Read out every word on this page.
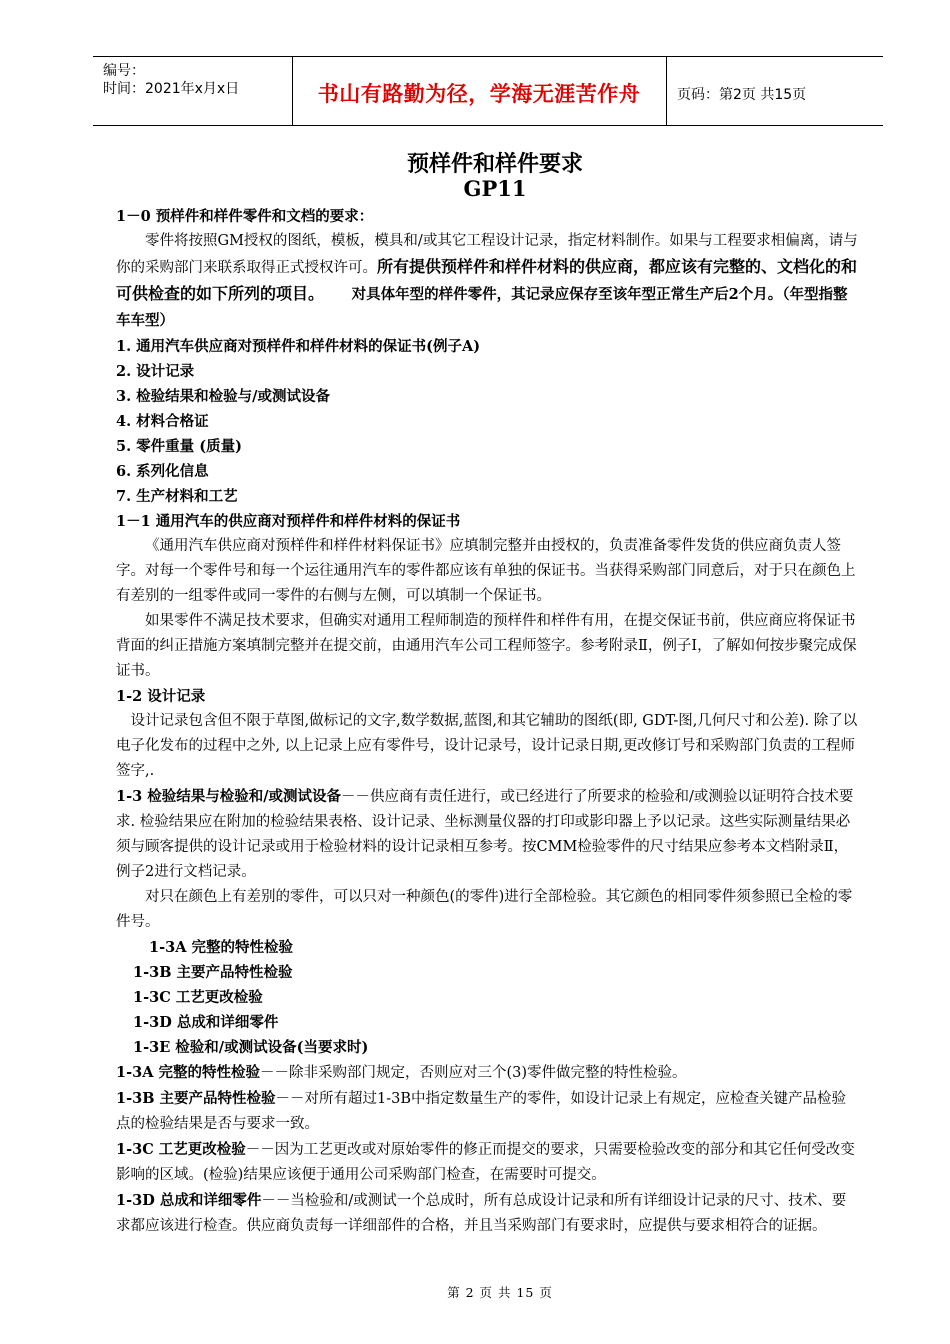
编号：
时间：2021年x月x日	书山有路勤为径，学海无涯苦作舟	页码：第2页 共15页
预样件和样件要求
GP11

1－0 预样件和样件零件和文档的要求：

零件将按照GM授权的图纸，模板，模具和/或其它工程设计记录，指定材料制作。如果与工程要求相偏离，请与你的采购部门来联系取得正式授权许可。所有提供预样件和样件材料的供应商，都应该有完整的、文档化的和可供检查的如下所列的项目。 对具体年型的样件零件，其记录应保存至该年型正常生产后2个月。（年型指整车车型）

1. 通用汽车供应商对预样件和样件材料的保证书(例子A)

2. 设计记录

3. 检验结果和检验与/或测试设备

4. 材料合格证

5. 零件重量 (质量)

6. 系列化信息

7. 生产材料和工艺

1－1 通用汽车的供应商对预样件和样件材料的保证书

《通用汽车供应商对预样件和样件材料保证书》应填制完整并由授权的，负责准备零件发货的供应商负责人签字。对每一个零件号和每一个运往通用汽车的零件都应该有单独的保证书。当获得采购部门同意后，对于只在颜色上有差别的一组零件或同一零件的右侧与左侧，可以填制一个保证书。

如果零件不满足技术要求，但确实对通用工程师制造的预样件和样件有用，在提交保证书前，供应商应将保证书背面的纠正措施方案填制完整并在提交前，由通用汽车公司工程师签字。参考附录Ⅱ，例子Ⅰ，了解如何按步聚完成保证书。

1-2 设计记录

设计记录包含但不限于草图,做标记的文字,数学数据,蓝图,和其它辅助的图纸(即, GDT-图,几何尺寸和公差). 除了以电子化发布的过程中之外, 以上记录上应有零件号，设计记录号，设计记录日期,更改修订号和采购部门负责的工程师签字,.

1-3 检验结果与检验和/或测试设备－－供应商有责任进行，或已经进行了所要求的检验和/或测验以证明符合技术要求. 检验结果应在附加的检验结果表格、设计记录、坐标测量仪器的打印或影印器上予以记录。这些实际测量结果必须与顾客提供的设计记录或用于检验材料的设计记录相互参考。按CMM检验零件的尺寸结果应参考本文档附录Ⅱ，例子2进行文档记录。

对只在颜色上有差别的零件，可以只对一种颜色(的零件)进行全部检验。其它颜色的相同零件须参照已全检的零件号。

1-3A 完整的特性检验

1-3B 主要产品特性检验

1-3C 工艺更改检验

1-3D 总成和详细零件

1-3E 检验和/或测试设备(当要求时)

1-3A 完整的特性检验－－除非采购部门规定，否则应对三个(3)零件做完整的特性检验。

1-3B 主要产品特性检验－－对所有超过1-3B中指定数量生产的零件，如设计记录上有规定，应检查关键产品检验点的检验结果是否与要求一致。

1-3C 工艺更改检验－－因为工艺更改或对原始零件的修正而提交的要求，只需要检验改变的部分和其它任何受改变影响的区域。(检验)结果应该便于通用公司采购部门检查，在需要时可提交。

1-3D 总成和详细零件－－当检验和/或测试一个总成时，所有总成设计记录和所有详细设计记录的尺寸、技术、要求都应该进行检查。供应商负责每一详细部件的合格，并且当采购部门有要求时，应提供与要求相符合的证据。

第 2 页 共 15 页
